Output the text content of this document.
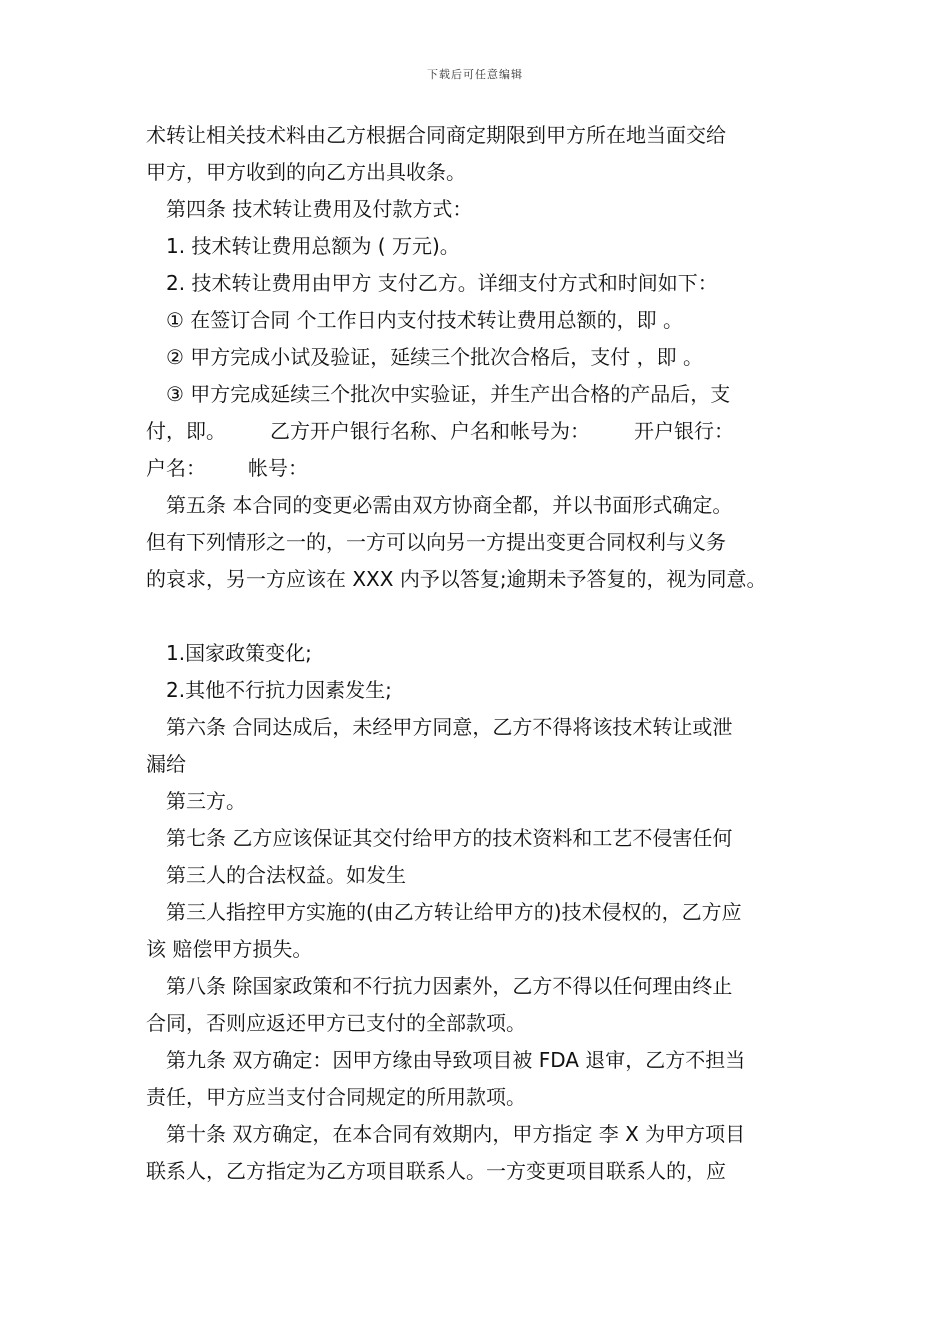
下载后可任意编辑
术转让相关技术料由乙方根据合同商定期限到甲方所在地当面交给
甲方，甲方收到的向乙方出具收条。
第四条 技术转让费用及付款方式：
1. 技术转让费用总额为 ( 万元)。
2. 技术转让费用由甲方 支付乙方。详细支付方式和时间如下：
① 在签订合同 个工作日内支付技术转让费用总额的，即 。
② 甲方完成小试及验证，延续三个批次合格后，支付 ，即 。
③ 甲方完成延续三个批次中实验证，并生产出合格的产品后，支
付，即。 乙方开户银行名称、户名和帐号为： 开户银行：
户名： 帐号：
第五条 本合同的变更必需由双方协商全都，并以书面形式确定。
但有下列情形之一的，一方可以向另一方提出变更合同权利与义务
的哀求，另一方应该在 XXX 内予以答复;逾期未予答复的，视为同意。
1.国家政策变化;
2.其他不行抗力因素发生;
第六条 合同达成后，未经甲方同意，乙方不得将该技术转让或泄
漏给
第三方。
第七条 乙方应该保证其交付给甲方的技术资料和工艺不侵害任何
第三人的合法权益。如发生
第三人指控甲方实施的(由乙方转让给甲方的)技术侵权的，乙方应
该 赔偿甲方损失。
第八条 除国家政策和不行抗力因素外，乙方不得以任何理由终止
合同，否则应返还甲方已支付的全部款项。
第九条 双方确定：因甲方缘由导致项目被 FDA 退审，乙方不担当
责任，甲方应当支付合同规定的所用款项。
第十条 双方确定，在本合同有效期内，甲方指定 李 X 为甲方项目
联系人，乙方指定为乙方项目联系人。一方变更项目联系人的，应
